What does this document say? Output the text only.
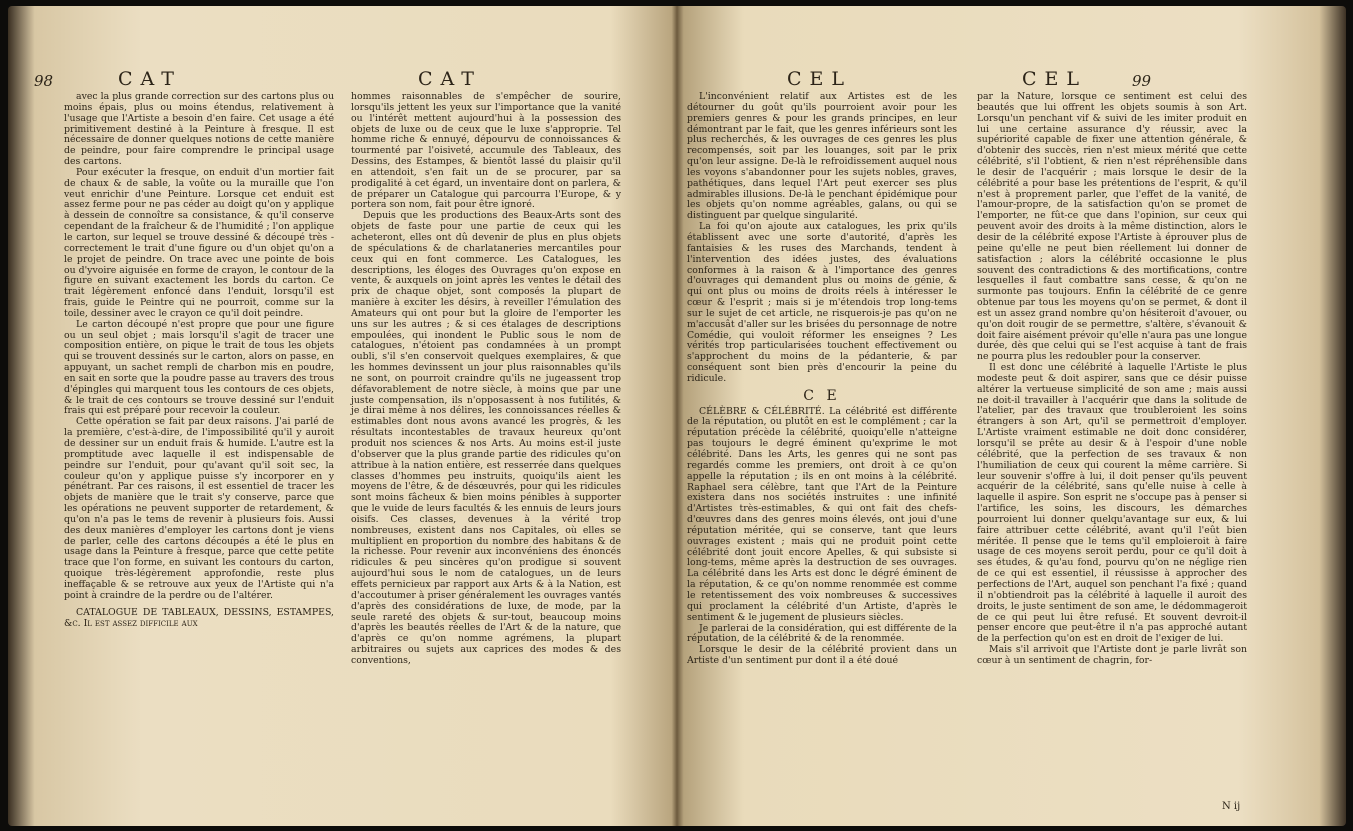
98	CAT	CAT

avec la plus grande correction sur des cartons plus ou moins épais, plus ou moins étendus, relativement à l'usage que l'Artiste a besoin d'en faire. Cet usage a été primitivement destiné à la Peinture à fresque. Il est nécessaire de donner quelques notions de cette manière de peindre, pour faire comprendre le principal usage des cartons.

Pour exécuter la fresque, on enduit d'un mortier fait de chaux & de sable, la voûte ou la muraille que l'on veut enrichir d'une Peinture. Lorsque cet enduit est assez ferme pour ne pas céder au doigt qu'on y applique à dessein de connoître sa consistance, & qu'il conserve cependant de la fraîcheur & de l'humidité ; l'on applique le carton, sur lequel se trouve dessiné & découpé très - correctement le trait d'une figure ou d'un objet qu'on a le projet de peindre. On trace avec une pointe de bois ou d'yvoire aiguisée en forme de crayon, le contour de la figure en suivant exactement les bords du carton. Ce trait légèrement enfoncé dans l'enduit, lorsqu'il est frais, guide le Peintre qui ne pourroit, comme sur la toile, dessiner avec le crayon ce qu'il doit peindre.

Le carton découpé n'est propre que pour une figure ou un seul objet ; mais lorsqu'il s'agit de tracer une composition entière, on pique le trait de tous les objets qui se trouvent dessinés sur le carton, alors on passe, en appuyant, un sachet rempli de charbon mis en poudre, en sait en sorte que la poudre passe au travers des trous d'épingles qui marquent tous les contours de ces objets, & le trait de ces contours se trouve dessiné sur l'enduit frais qui est préparé pour recevoir la couleur.

Cette opération se fait par deux raisons. J'ai parlé de la première, c'est-à-dire, de l'impossibilité qu'il y auroit de dessiner sur un enduit frais & humide. L'autre est la promptitude avec laquelle il est indispensable de peindre sur l'enduit, pour qu'avant qu'il soit sec, la couleur qu'on y applique puisse s'y incorporer en y pénétrant. Par ces raisons, il est essentiel de tracer les objets de manière que le trait s'y conserve, parce que les opérations ne peuvent supporter de retardement, & qu'on n'a pas le tems de revenir à plusieurs fois. Aussi des deux manières d'employer les cartons dont je viens de parler, celle des cartons découpés a été le plus en usage dans la Peinture à fresque, parce que cette petite trace que l'on forme, en suivant les contours du carton, quoique très-légèrement approfondie, reste plus ineffaçable & se retrouve aux yeux de l'Artiste qui n'a point à craindre de la perdre ou de l'altérer.

CATALOGUE DE TABLEAUX, DESSINS, ESTAMPES, &c. Il est assez difficile aux

hommes raisonnables de s'empêcher de sourire, lorsqu'ils jettent les yeux sur l'importance que la vanité ou l'intérêt mettent aujourd'hui à la possession des objets de luxe ou de ceux que le luxe s'approprie. Tel homme riche & ennuyé, dépourvu de connoissances & tourmenté par l'oisiveté, accumule des Tableaux, des Dessins, des Estampes, & bientôt lassé du plaisir qu'il en attendoit, s'en fait un de se procurer, par sa prodigalité à cet égard, un inventaire dont on parlera, & de préparer un Catalogue qui parcourra l'Europe, & y portera son nom, fait pour être ignoré.

Depuis que les productions des Beaux-Arts sont des objets de faste pour une partie de ceux qui les acheteront, elles ont dû devenir de plus en plus objets de spéculations & de charlataneries mercantiles pour ceux qui en font commerce. Les Catalogues, les descriptions, les éloges des Ouvrages qu'on expose en vente, & auxquels on joint après les ventes le détail des prix de chaque objet, sont composés la plupart de manière à exciter les désirs, à reveiller l'émulation des Amateurs qui ont pour but la gloire de l'emporter les uns sur les autres ; & si ces étalages de descriptions empoulées, qui inondent le Public sous le nom de catalogues, n'étoient pas condamnées à un prompt oubli, s'il s'en conservoit quelques exemplaires, & que les hommes devinssent un jour plus raisonnables qu'ils ne sont, on pourroit craindre qu'ils ne jugeassent trop défavorablement de notre siècle, à moins que par une juste compensation, ils n'opposassent à nos futilités, & je dirai même à nos délires, les connoissances réelles & estimables dont nous avons avancé les progrès, & les résultats incontestables de travaux heureux qu'ont produit nos sciences & nos Arts. Au moins est-il juste d'observer que la plus grande partie des ridicules qu'on attribue à la nation entière, est resserrée dans quelques classes d'hommes peu instruits, quoiqu'ils aient les moyens de l'être, & de désœuvrés, pour qui les ridicules sont moins fâcheux & bien moins pénibles à supporter que le vuide de leurs facultés & les ennuis de leurs jours oisifs. Ces classes, devenues à la vérité trop nombreuses, existent dans nos Capitales, où elles se multiplient en proportion du nombre des habitans & de la richesse. Pour revenir aux inconvéniens des énoncés ridicules & peu sincères qu'on prodigue si souvent aujourd'hui sous le nom de catalogues, un de leurs effets pernicieux par rapport aux Arts & à la Nation, est d'accoutumer à priser généralement les ouvrages vantés d'après des considérations de luxe, de mode, par la seule rareté des objets & sur-tout, beaucoup moins d'après les beautés réelles de l'Art & de la nature, que d'après ce qu'on nomme agrémens, la plupart arbitraires ou sujets aux caprices des modes & des conventions,

CEL	CEL	99

L'inconvénient relatif aux Artistes est de les détourner du goût qu'ils pourroient avoir pour les premiers genres & pour les grands principes, en leur démontrant par le fait, que les genres inférieurs sont les plus recherchés, & les ouvrages de ces genres les plus recompensés, soit par les louanges, soit par le prix qu'on leur assigne. De-là le refroidissement auquel nous les voyons s'abandonner pour les sujets nobles, graves, pathétiques, dans lequel l'Art peut exercer ses plus admirables illusions. De-là le penchant épidémique pour les objets qu'on nomme agréables, galans, ou qui se distinguent par quelque singularité.

La foi qu'on ajoute aux catalogues, les prix qu'ils établissent avec une sorte d'autorité, d'après les fantaisies & les ruses des Marchands, tendent à l'intervention des idées justes, des évaluations conformes à la raison & à l'importance des genres d'ouvrages qui demandent plus ou moins de génie, & qui ont plus ou moins de droits réels à intéresser le cœur & l'esprit ; mais si je m'étendois trop long-tems sur le sujet de cet article, ne risquerois-je pas qu'on ne m'accusât d'aller sur les brisées du personnage de notre Comédie, qui vouloit réformer les enseignes ? Les vérités trop particularisées touchent effectivement ou s'approchent du moins de la pédanterie, & par conséquent sont bien près d'encourir la peine du ridicule.

C E

CÉLÈBRE & CÉLÉBRITÉ. La célébrité est différente de la réputation, ou plutôt en est le complément ; car la réputation précède la célébrité, quoiqu'elle n'atteigne pas toujours le degré éminent qu'exprime le mot célébrité. Dans les Arts, les genres qui ne sont pas regardés comme les premiers, ont droit à ce qu'on appelle la réputation ; ils en ont moins à la célébrité. Raphael sera célèbre, tant que l'Art de la Peinture existera dans nos sociétés instruites : une infinité d'Artistes très-estimables, & qui ont fait des chefs-d'œuvres dans des genres moins élevés, ont joui d'une réputation méritée, qui se conserve, tant que leurs ouvrages existent ; mais qui ne produit point cette célébrité dont jouit encore Apelles, & qui subsiste si long-tems, même après la destruction de ses ouvrages. La célébrité dans les Arts est donc le dégré éminent de la réputation, & ce qu'on nomme renommée est comme le retentissement des voix nombreuses & successives qui proclament la célébrité d'un Artiste, d'après le sentiment & le jugement de plusieurs siècles.

Je parlerai de la considération, qui est différente de la réputation, de la célébrité & de la renommée.

Lorsque le desir de la célébrité provient dans un Artiste d'un sentiment pur dont il a été doué

par la Nature, lorsque ce sentiment est celui des beautés que lui offrent les objets soumis à son Art. Lorsqu'un penchant vif & suivi de les imiter produit en lui une certaine assurance d'y réussir, avec la supériorité capable de fixer une attention générale, & d'obtenir des succès, rien n'est mieux mérité que cette célébrité, s'il l'obtient, & rien n'est répréhensible dans le desir de l'acquérir ; mais lorsque le desir de la célébrité a pour base les prétentions de l'esprit, & qu'il n'est à proprement parler, que l'effet de la vanité, de l'amour-propre, de la satisfaction qu'on se promet de l'emporter, ne fût-ce que dans l'opinion, sur ceux qui peuvent avoir des droits à la même distinction, alors le desir de la célébrité expose l'Artiste à éprouver plus de peine qu'elle ne peut bien réellement lui donner de satisfaction ; alors la célébrité occasionne le plus souvent des contradictions & des mortifications, contre lesquelles il faut combattre sans cesse, & qu'on ne surmonte pas toujours. Enfin la célébrité de ce genre obtenue par tous les moyens qu'on se permet, & dont il est un assez grand nombre qu'on hésiteroit d'avouer, ou qu'on doit rougir de se permettre, s'altère, s'évanouit & doit faire aisément prévoir qu'elle n'aura pas une longue durée, dès que celui qui se l'est acquise à tant de frais ne pourra plus les redoubler pour la conserver.

Il est donc une célébrité à laquelle l'Artiste le plus modeste peut & doit aspirer, sans que ce désir puisse altérer la vertueuse simplicité de son ame ; mais aussi ne doit-il travailler à l'acquérir que dans la solitude de l'atelier, par des travaux que troubleroient les soins étrangers à son Art, qu'il se permettroit d'employer. L'Artiste vraiment estimable ne doit donc considérer, lorsqu'il se prête au desir & à l'espoir d'une noble célébrité, que la perfection de ses travaux & non l'humiliation de ceux qui courent la même carrière. Si leur souvenir s'offre à lui, il doit penser qu'ils peuvent acquérir de la célébrité, sans qu'elle nuise à celle à laquelle il aspire. Son esprit ne s'occupe pas à penser si l'artifice, les soins, les discours, les démarches pourroient lui donner quelqu'avantage sur eux, & lui faire attribuer cette célébrité, avant qu'il l'eût bien méritée. Il pense que le tems qu'il emploieroit à faire usage de ces moyens seroit perdu, pour ce qu'il doit à ses études, & qu'au fond, pourvu qu'on ne néglige rien de ce qui est essentiel, il réussisse à approcher des perfections de l'Art, auquel son penchant l'a fixé ; quand il n'obtiendroit pas la célébrité à laquelle il auroit des droits, le juste sentiment de son ame, le dédommageroit de ce qui peut lui être refusé. Et souvent devroit-il penser encore que peut-être il n'a pas approché autant de la perfection qu'on est en droit de l'exiger de lui.

Mais s'il arrivoit que l'Artiste dont je parle livrât son cœur à un sentiment de chagrin, for-

N ij
